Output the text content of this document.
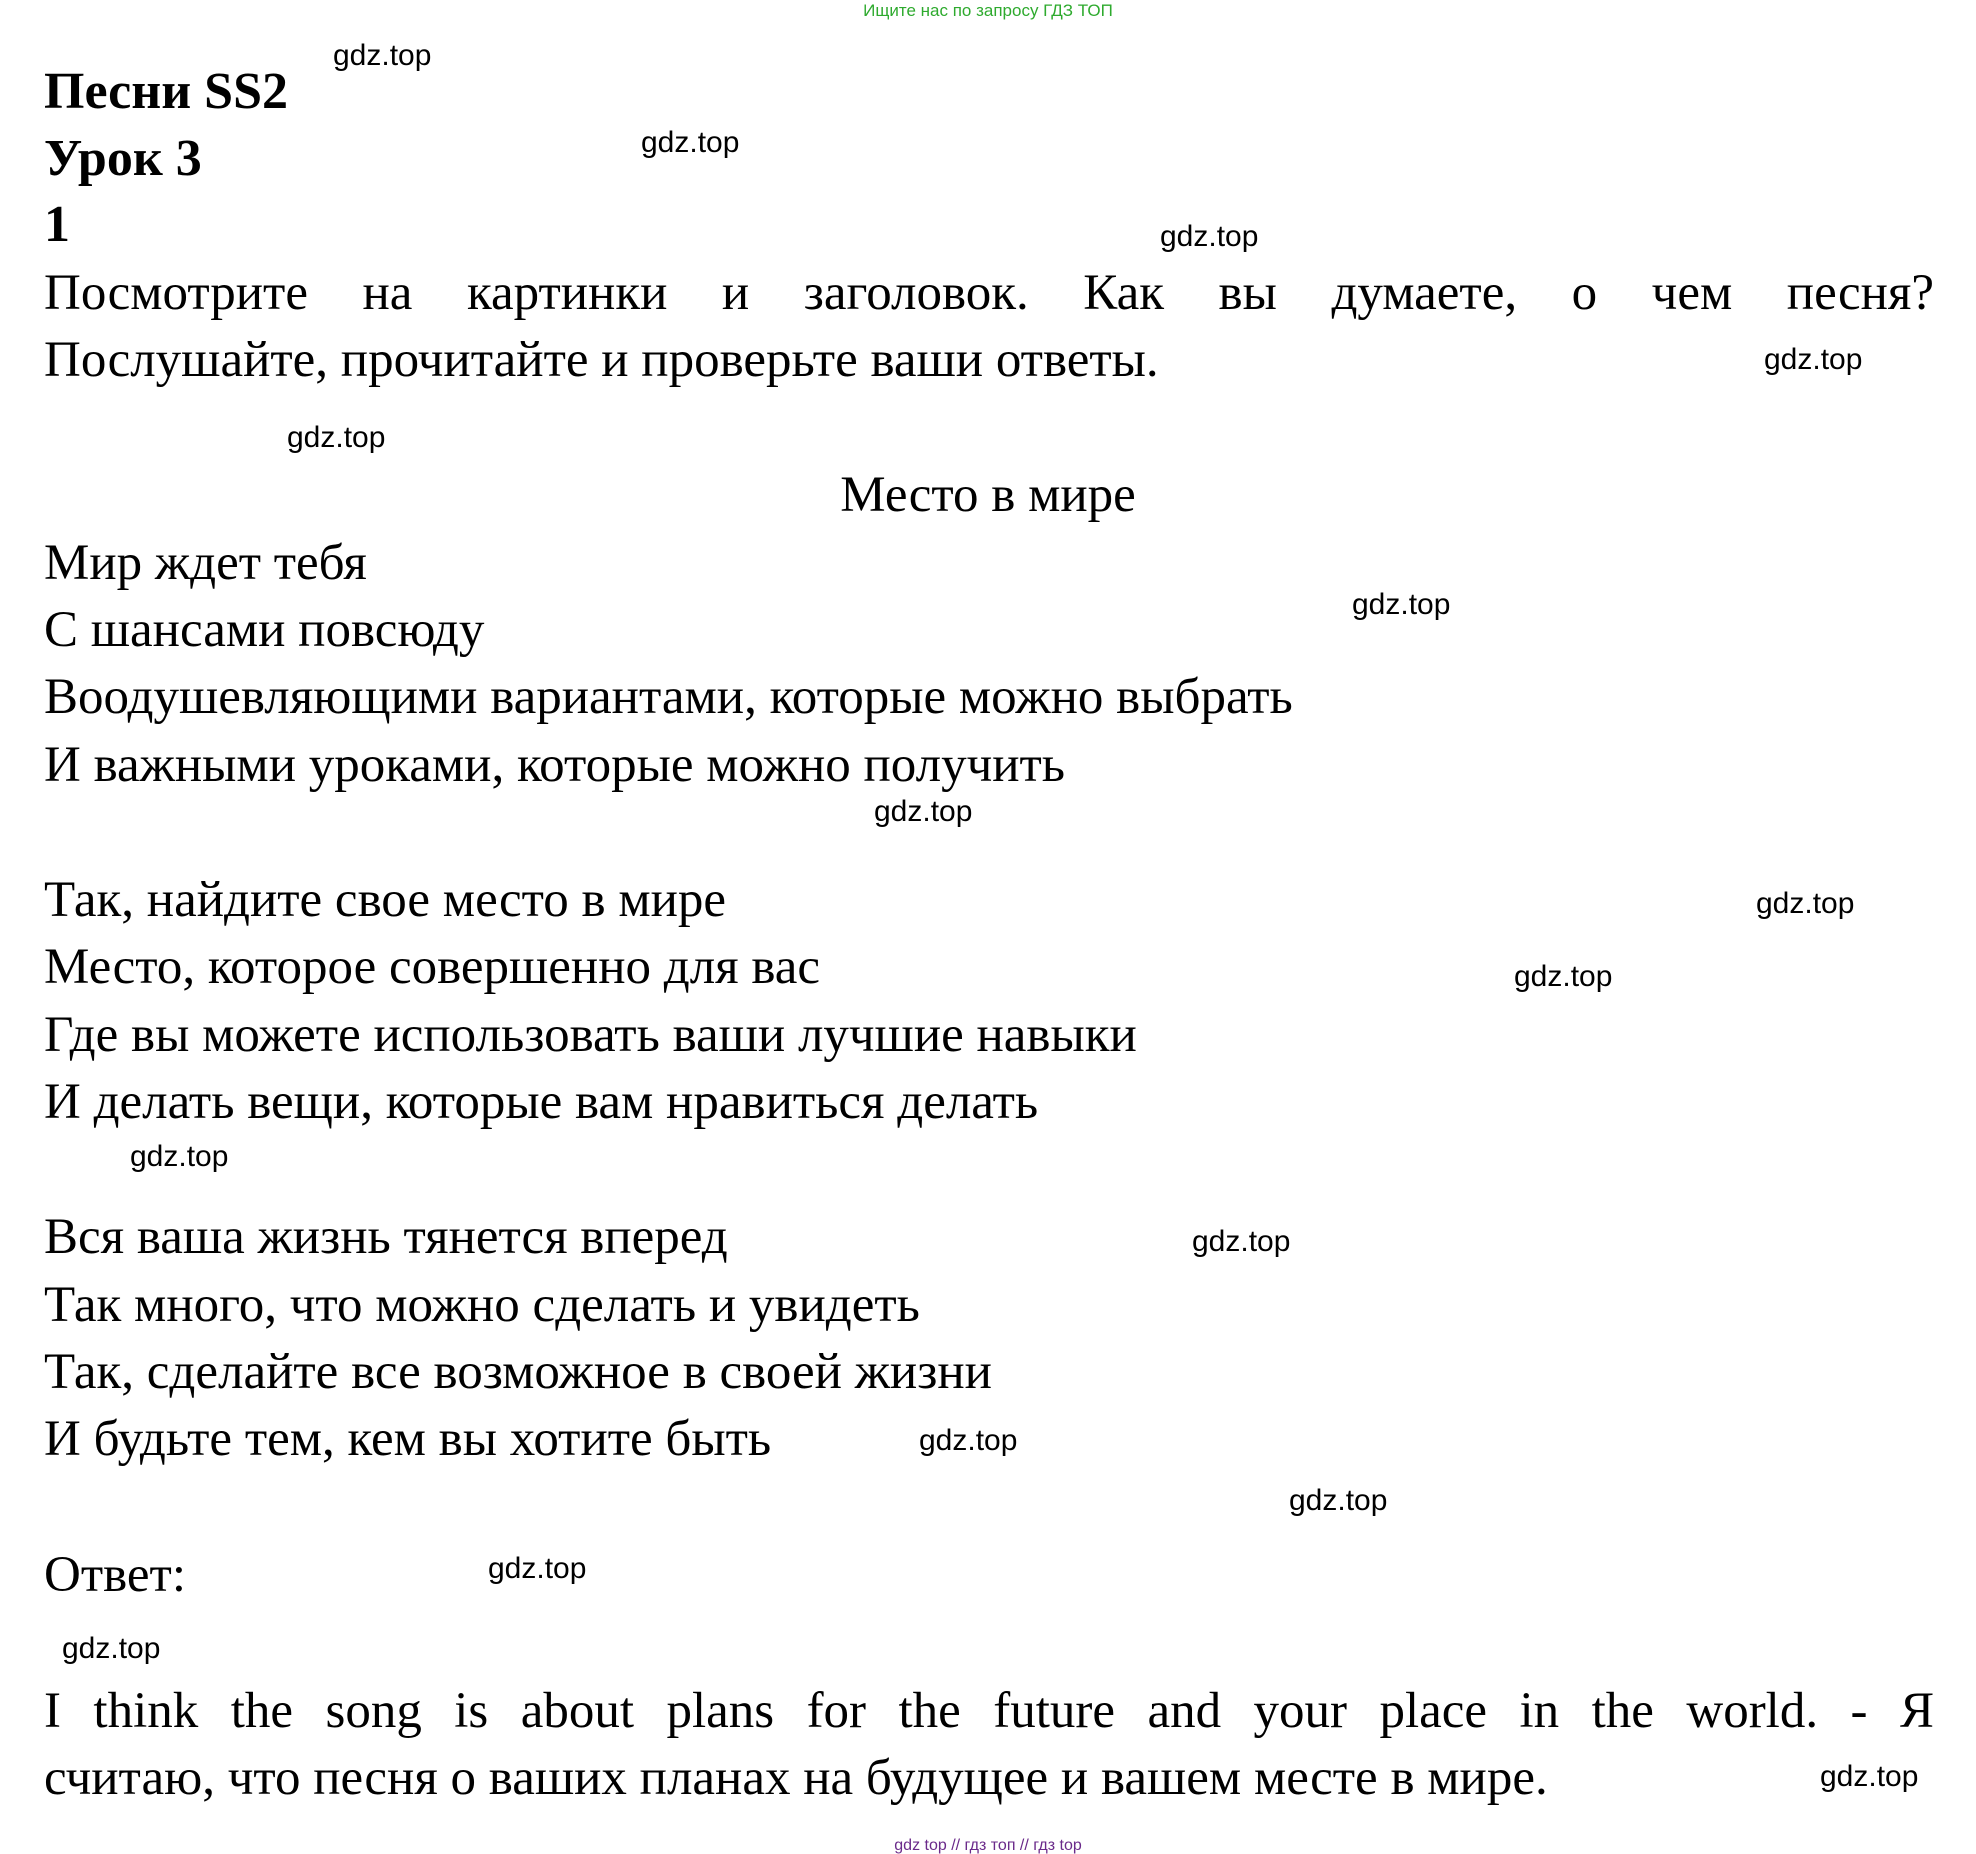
Ищите нас по запросу ГДЗ ТОП
Песни SS2
Урок 3
1
Посмотрите на картинки и заголовок. Как вы думаете, о чем песня?
Послушайте, прочитайте и проверьте ваши ответы.
Место в мире
Мир ждет тебя
С шансами повсюду
Воодушевляющими вариантами, которые можно выбрать
И важными уроками, которые можно получить
Так, найдите свое место в мире
Место, которое совершенно для вас
Где вы можете использовать ваши лучшие навыки
И делать вещи, которые вам нравиться делать
Вся ваша жизнь тянется вперед
Так много, что можно сделать и увидеть
Так, сделайте все возможное в своей жизни
И будьте тем, кем вы хотите быть
Ответ:
I think the song is about plans for the future and your place in the world. - Я
считаю, что песня о ваших планах на будущее и вашем месте в мире.
gdz.top
gdz.top
gdz.top
gdz.top
gdz.top
gdz.top
gdz.top
gdz.top
gdz.top
gdz.top
gdz.top
gdz.top
gdz.top
gdz.top
gdz.top
gdz.top
gdz top // гдз топ // гдз top
